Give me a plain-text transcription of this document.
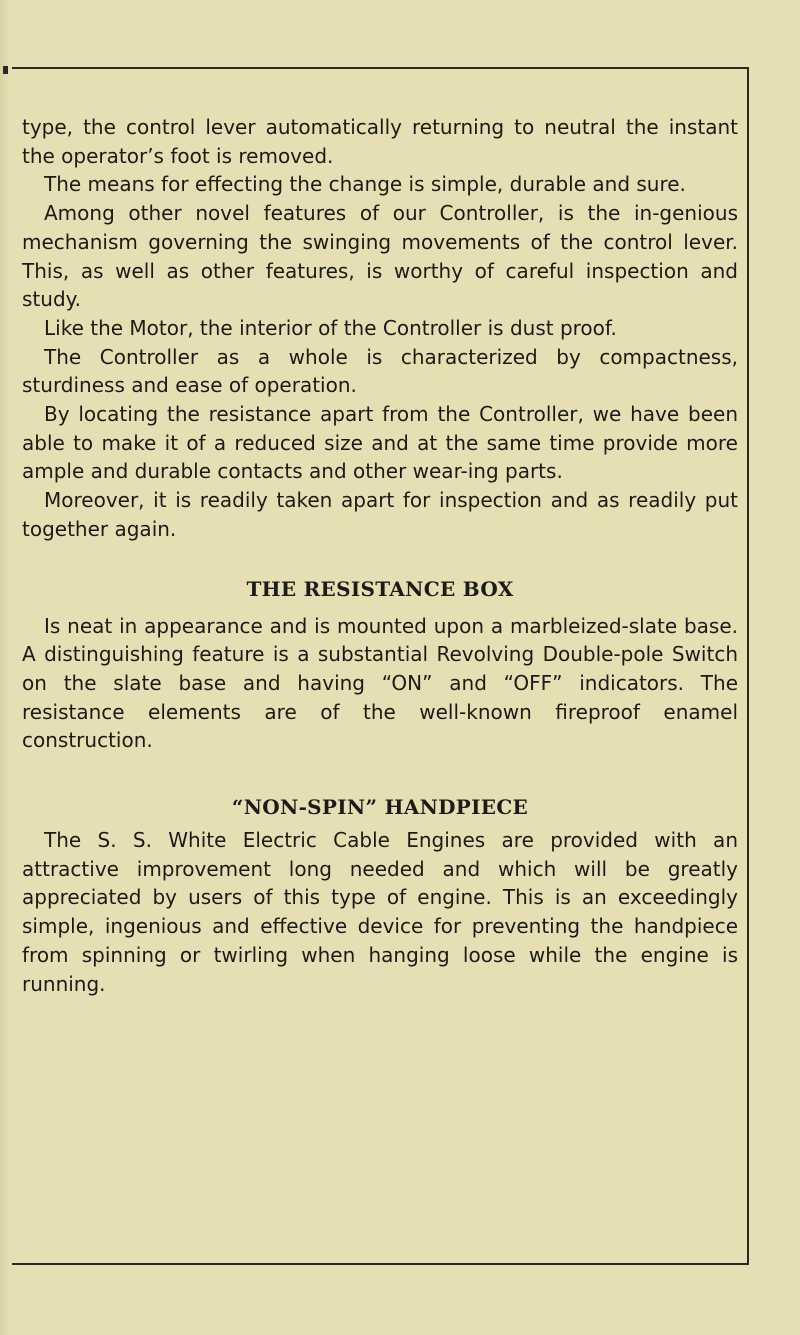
type, the control lever automatically returning to neutral the instant the operator’s foot is removed.

The means for effecting the change is simple, durable and sure.

Among other novel features of our Controller, is the in-genious mechanism governing the swinging movements of the control lever. This, as well as other features, is worthy of careful inspection and study.

Like the Motor, the interior of the Controller is dust proof.

The Controller as a whole is characterized by compactness, sturdiness and ease of operation.

By locating the resistance apart from the Controller, we have been able to make it of a reduced size and at the same time provide more ample and durable contacts and other wear-ing parts.

Moreover, it is readily taken apart for inspection and as readily put together again.

THE RESISTANCE BOX

Is neat in appearance and is mounted upon a marbleized-slate base. A distinguishing feature is a substantial Revolving Double-pole Switch on the slate base and having “ON” and “OFF” indicators. The resistance elements are of the well-known fireproof enamel construction.

“NON-SPIN” HANDPIECE

The S. S. White Electric Cable Engines are provided with an attractive improvement long needed and which will be greatly appreciated by users of this type of engine. This is an exceedingly simple, ingenious and effective device for preventing the handpiece from spinning or twirling when hanging loose while the engine is running.
